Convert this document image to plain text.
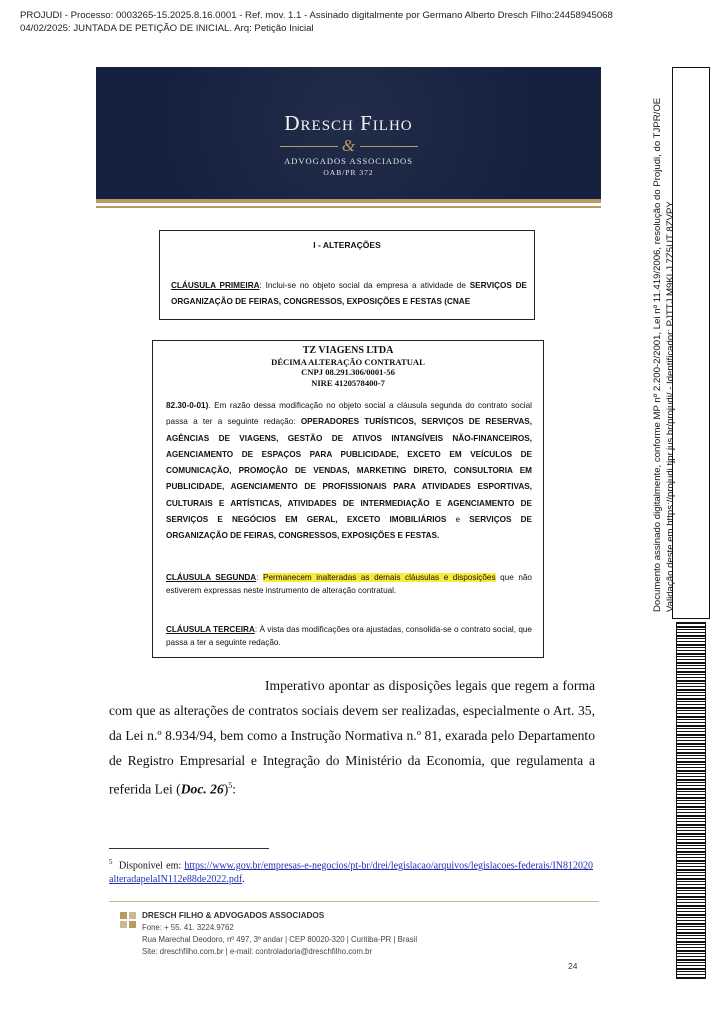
PROJUDI - Processo: 0003265-15.2025.8.16.0001 - Ref. mov. 1.1 - Assinado digitalmente por Germano Alberto Dresch Filho:24458945068
04/02/2025: JUNTADA DE PETIÇÃO DE INICIAL. Arq: Petição Inicial
Dresch Filho
&
ADVOGADOS ASSOCIADOS
OAB/PR 372
I - ALTERAÇÕES
CLÁUSULA PRIMEIRA: Inclui-se no objeto social da empresa a atividade de SERVIÇOS DE ORGANIZAÇÃO DE FEIRAS, CONGRESSOS, EXPOSIÇÕES E FESTAS (CNAE
TZ VIAGENS LTDA
DÉCIMA ALTERAÇÃO CONTRATUAL
CNPJ 08.291.306/0001-56
NIRE 4120578400-7
82.30-0-01). Em razão dessa modificação no objeto social a cláusula segunda do contrato social passa a ter a seguinte redação: OPERADORES TURÍSTICOS, SERVIÇOS DE RESERVAS, AGÊNCIAS DE VIAGENS, GESTÃO DE ATIVOS INTANGÍVEIS NÃO-FINANCEIROS, AGENCIAMENTO DE ESPAÇOS PARA PUBLICIDADE, EXCETO EM VEÍCULOS DE COMUNICAÇÃO, PROMOÇÃO DE VENDAS, MARKETING DIRETO, CONSULTORIA EM PUBLICIDADE, AGENCIAMENTO DE PROFISSIONAIS PARA ATIVIDADES ESPORTIVAS, CULTURAIS E ARTÍSTICAS, ATIVIDADES DE INTERMEDIAÇÃO E AGENCIAMENTO DE SERVIÇOS E NEGÓCIOS EM GERAL, EXCETO IMOBILIÁRIOS e SERVIÇOS DE ORGANIZAÇÃO DE FEIRAS, CONGRESSOS, EXPOSIÇÕES E FESTAS.
CLÁUSULA SEGUNDA: Permanecem inalteradas as demais cláusulas e disposições que não estiverem expressas neste instrumento de alteração contratual.
CLÁUSULA TERCEIRA: À vista das modificações ora ajustadas, consolida-se o contrato social, que passa a ter a seguinte redação.
Imperativo apontar as disposições legais que regem a forma com que as alterações de contratos sociais devem ser realizadas, especialmente o Art. 35, da Lei n.º 8.934/94, bem como a Instrução Normativa n.º 81, exarada pelo Departamento de Registro Empresarial e Integração do Ministério da Economia, que regulamenta a referida Lei (Doc. 26)$^5$:
$^5$ Disponível em: https://www.gov.br/empresas-e-negocios/pt-br/drei/legislacao/arquivos/legislacoes-federais/IN812020alteradapelaIN112e88de2022.pdf.
DRESCH FILHO & ADVOGADOS ASSOCIADOS
Fone: + 55. 41. 3224.9762
Rua Marechal Deodoro, nº 497, 3º andar | CEP 80020-320 | Curitiba-PR | Brasil
Site: dreschfilho.com.br | e-mail: controladoria@dreschfilho.com.br
24
Documento assinado digitalmente, conforme MP nº 2.200-2/2001, Lei nº 11.419/2006, resolução do Projudi, do TJPR/OE Validação deste em https://projudi.tjpr.jus.br/projudi/ - Identificador: PJTTJ M9KLJ 7Z5UT 8ZVPY
